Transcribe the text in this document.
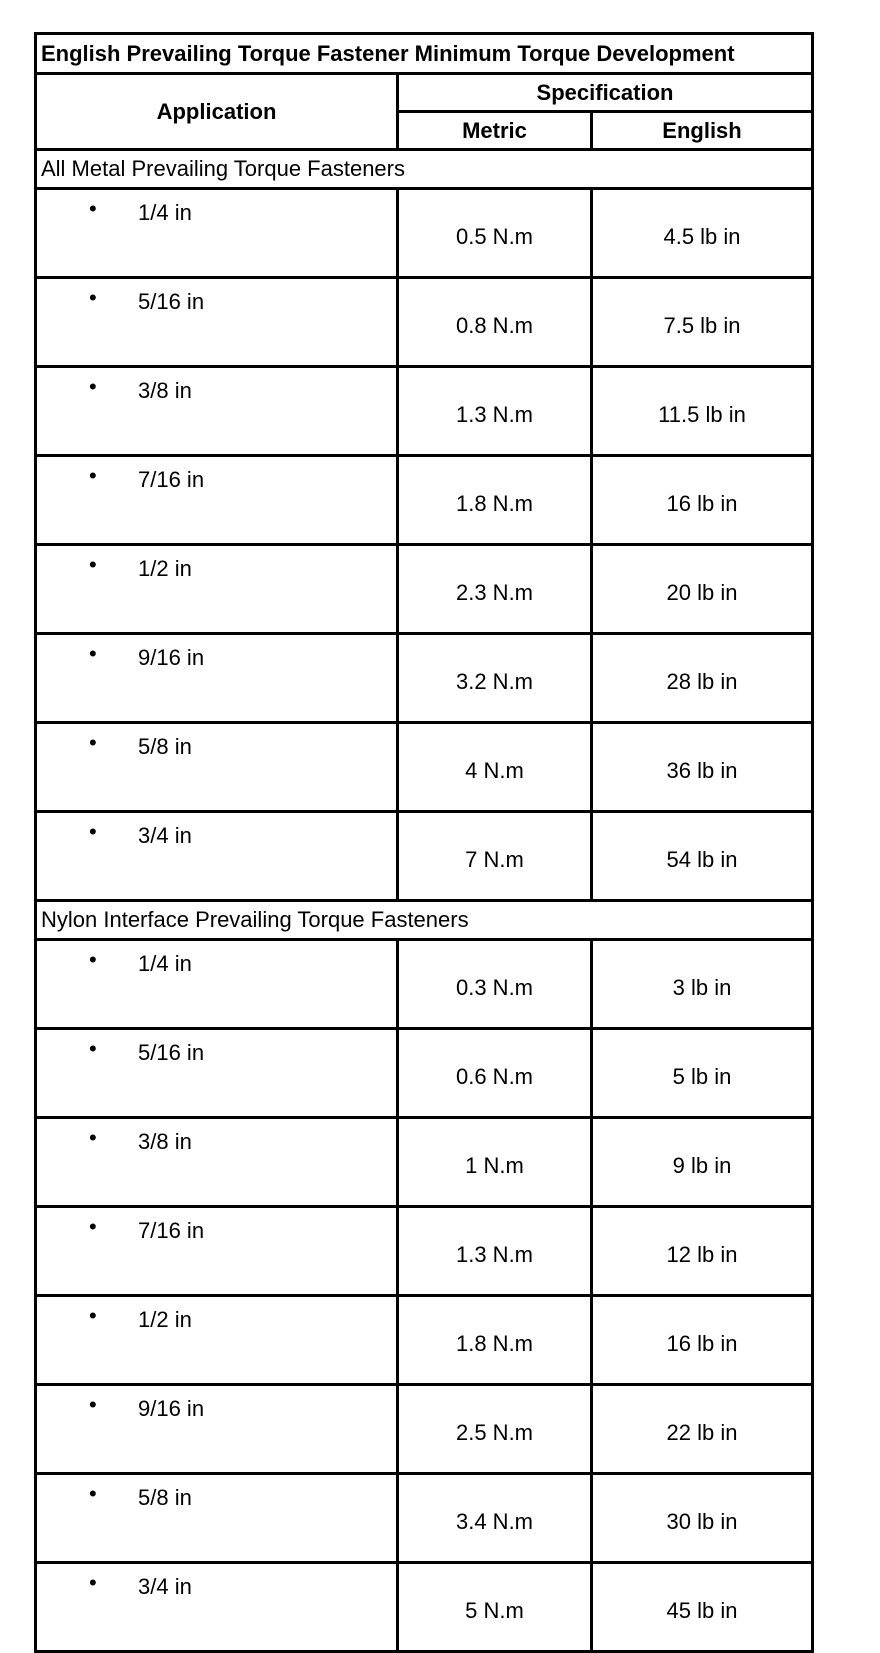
English Prevailing Torque Fastener Minimum Torque Development		
Application	Specification	
	Metric	English
All Metal Prevailing Torque Fasteners		

• 1/4 in	0.5 N.m	4.5 lb in

• 5/16 in	0.8 N.m	7.5 lb in

• 3/8 in	1.3 N.m	11.5 lb in

• 7/16 in	1.8 N.m	16 lb in

• 1/2 in	2.3 N.m	20 lb in

• 9/16 in	3.2 N.m	28 lb in

• 5/8 in	4 N.m	36 lb in

• 3/4 in	7 N.m	54 lb in
Nylon Interface Prevailing Torque Fasteners		

• 1/4 in	0.3 N.m	3 lb in

• 5/16 in	0.6 N.m	5 lb in

• 3/8 in	1 N.m	9 lb in

• 7/16 in	1.3 N.m	12 lb in

• 1/2 in	1.8 N.m	16 lb in

• 9/16 in	2.5 N.m	22 lb in

• 5/8 in	3.4 N.m	30 lb in

• 3/4 in	5 N.m	45 lb in
